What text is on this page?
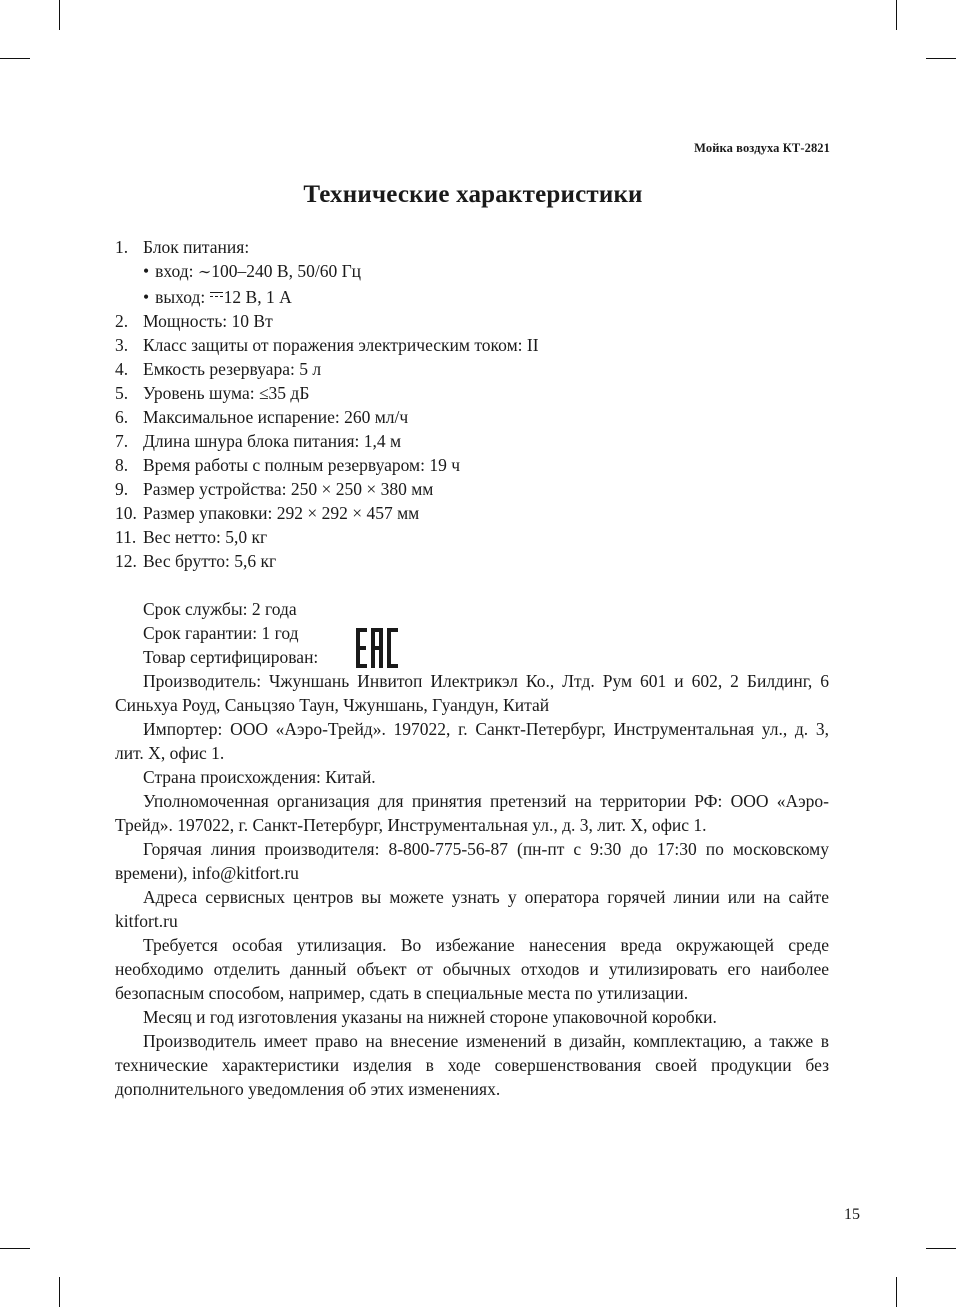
Мойка воздуха КТ-2821
Технические характеристики
1. Блок питания:
• вход: ∼100–240 В, 50/60 Гц
• выход: 12 В, 1 А
2. Мощность: 10 Вт
3. Класс защиты от поражения электрическим током: II
4. Емкость резервуара: 5 л
5. Уровень шума: ≤35 дБ
6. Максимальное испарение: 260 мл/ч
7. Длина шнура блока питания: 1,4 м
8. Время работы с полным резервуаром: 19 ч
9. Размер устройства: 250 × 250 × 380 мм
10. Размер упаковки: 292 × 292 × 457 мм
11. Вес нетто: 5,0 кг
12. Вес брутто: 5,6 кг

Срок службы: 2 года

Срок гарантии: 1 год

Товар сертифицирован:

Производитель: Чжуншань Инвитоп Илектрикэл Ко., Лтд. Рум 601 и 602, 2 Билдинг, 6 Синьхуа Роуд, Саньцзяо Таун, Чжуншань, Гуандун, Китай

Импортер: ООО «Аэро-Трейд». 197022, г. Санкт-Петербург, Инструментальная ул., д. 3, лит. Х, офис 1.

Страна происхождения: Китай.

Уполномоченная организация для принятия претензий на территории РФ: ООО «Аэро-Трейд». 197022, г. Санкт-Петербург, Инструментальная ул., д. 3, лит. Х, офис 1.

Горячая линия производителя: 8-800-775-56-87 (пн-пт с 9:30 до 17:30 по московскому времени), info@kitfort.ru

Адреса сервисных центров вы можете узнать у оператора горячей линии или на сайте kitfort.ru

Требуется особая утилизация. Во избежание нанесения вреда окружающей среде необходимо отделить данный объект от обычных отходов и утилизировать его наиболее безопасным способом, например, сдать в специальные места по утилизации.

Месяц и год изготовления указаны на нижней стороне упаковочной коробки.

Производитель имеет право на внесение изменений в дизайн, комплектацию, а также в технические характеристики изделия в ходе совершенствования своей продукции без дополнительного уведомления об этих изменениях.

15
